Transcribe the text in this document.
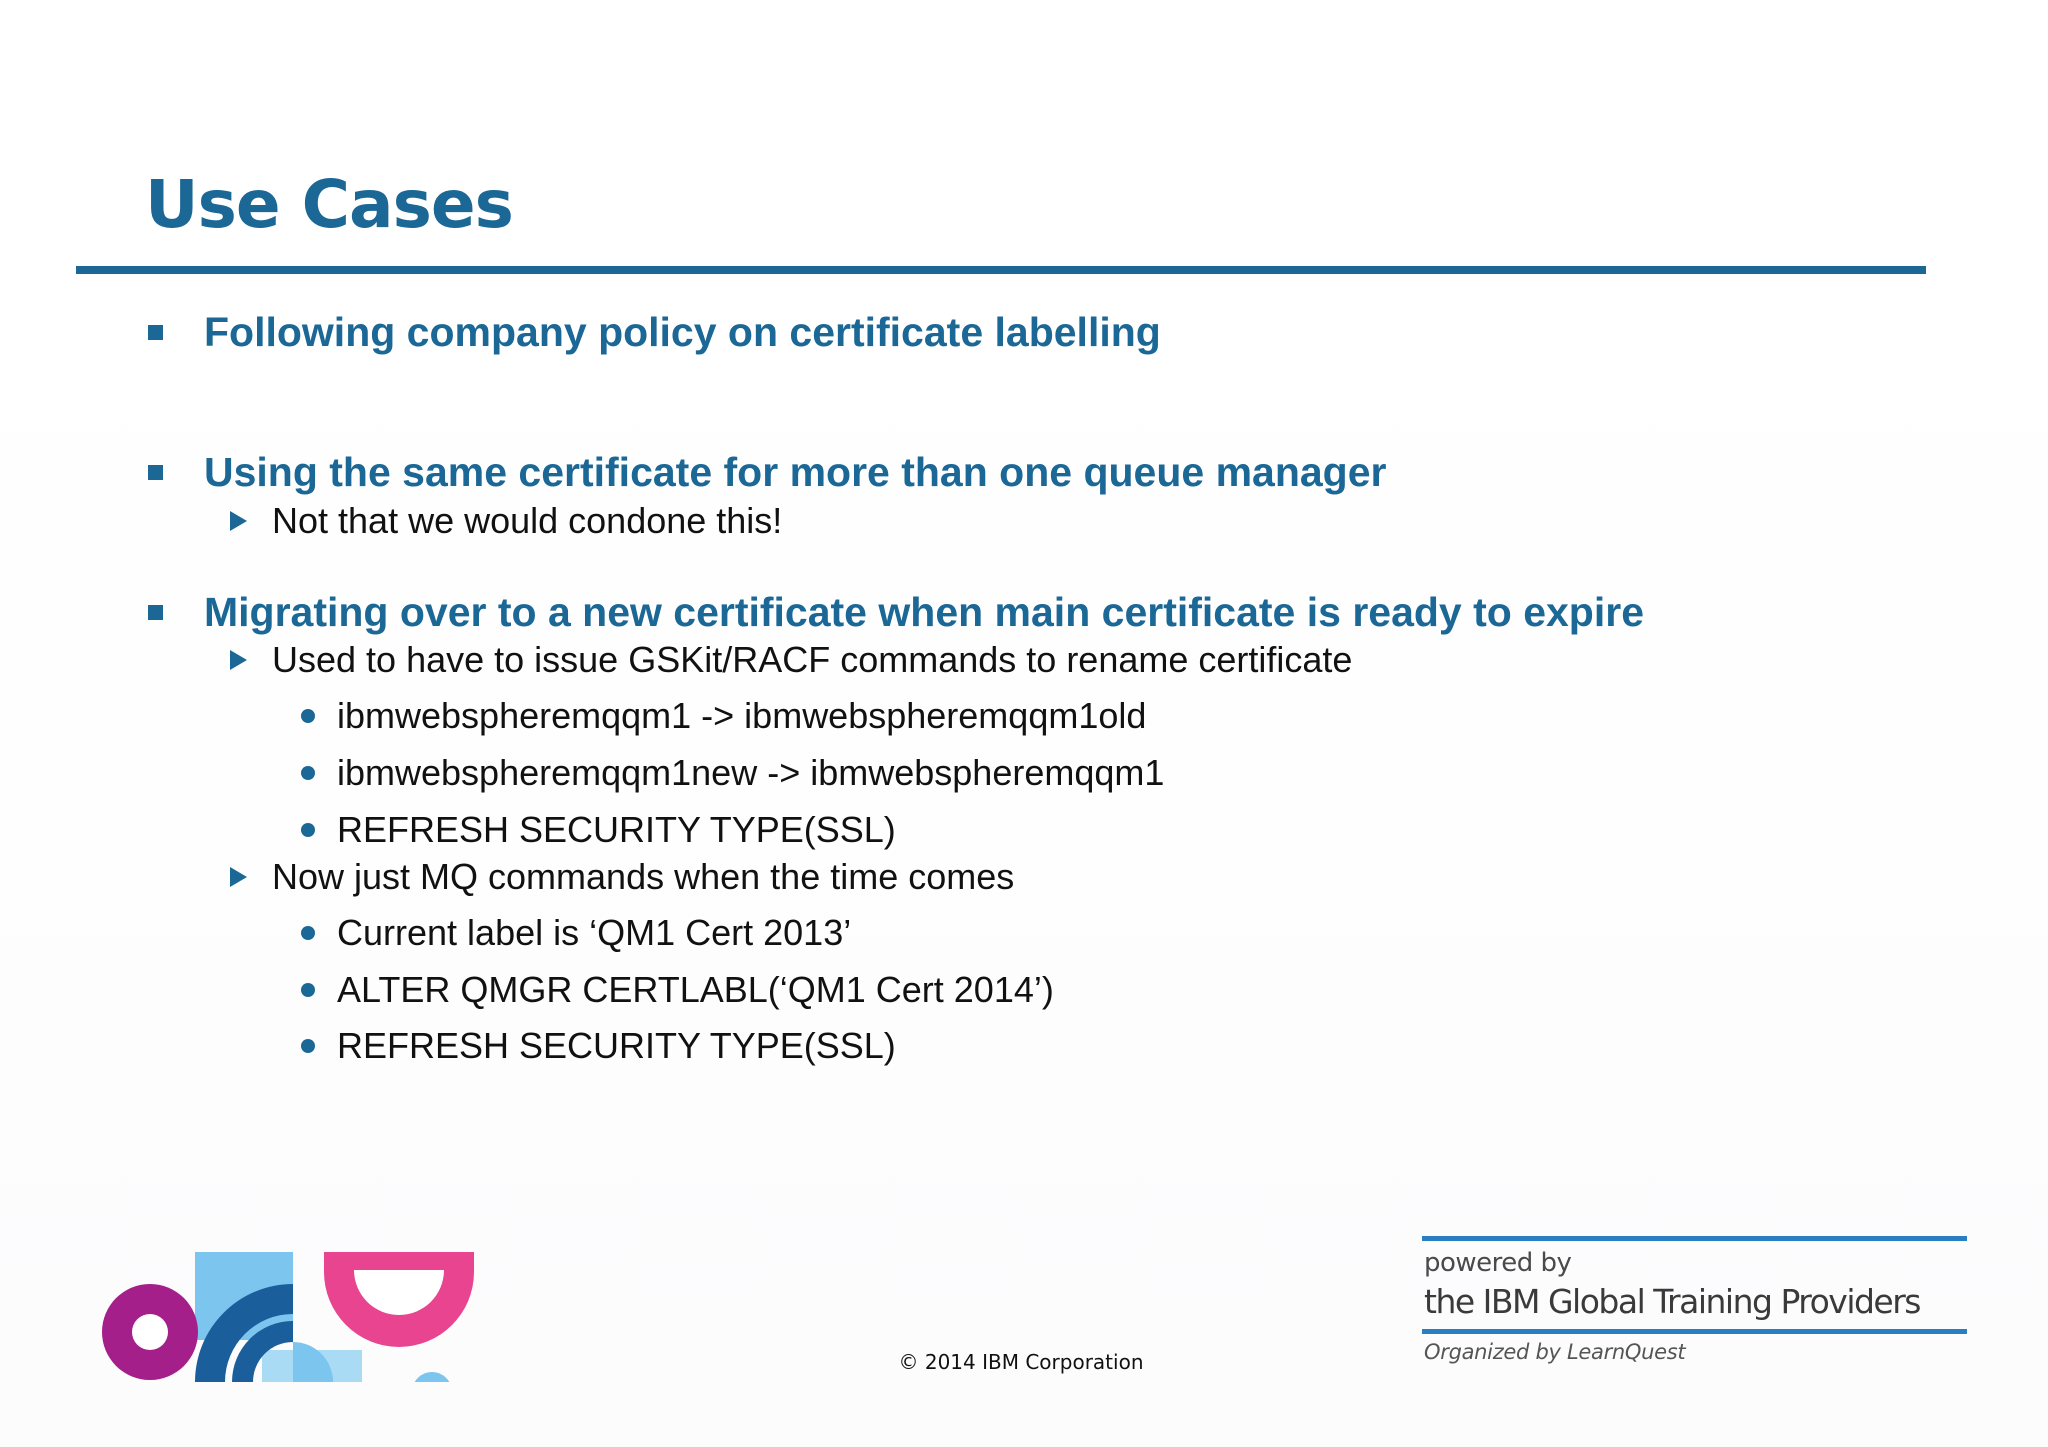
Use Cases
Following company policy on certificate labelling
Using the same certificate for more than one queue manager
Not that we would condone this!
Migrating over to a new certificate when main certificate is ready to expire
Used to have to issue GSKit/RACF commands to rename certificate
ibmwebspheremqqm1 -> ibmwebspheremqqm1old
ibmwebspheremqqm1new -> ibmwebspheremqqm1
REFRESH SECURITY TYPE(SSL)
Now just MQ commands when the time comes
Current label is ‘QM1 Cert 2013’
ALTER QMGR CERTLABL(‘QM1 Cert 2014’)
REFRESH SECURITY TYPE(SSL)
© 2014 IBM Corporation
powered by
the IBM Global Training Providers
Organized by LearnQuest
